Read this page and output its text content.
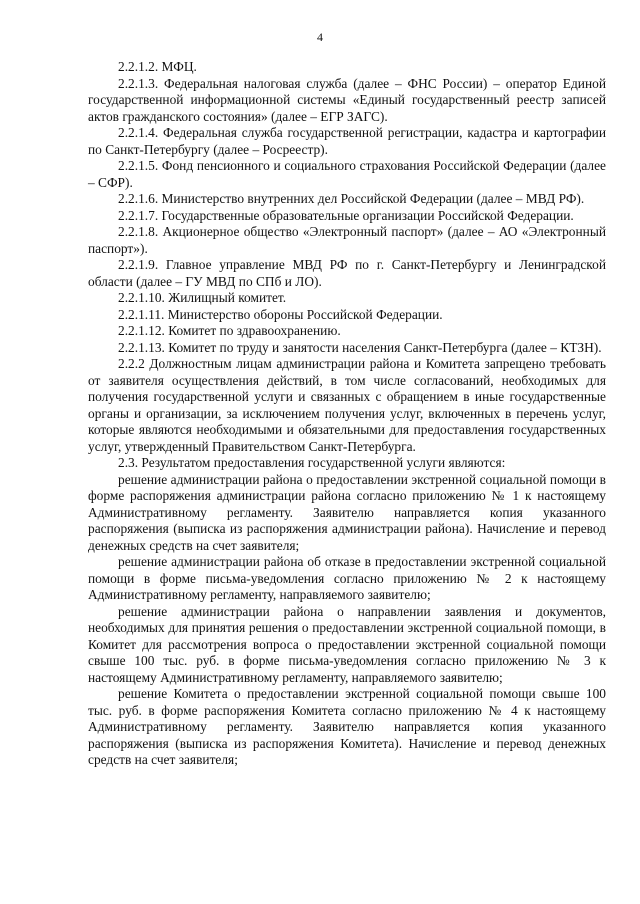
4

2.2.1.2. МФЦ.

2.2.1.3. Федеральная налоговая служба (далее – ФНС России) – оператор Единой государственной информационной системы «Единый государственный реестр записей актов гражданского состояния» (далее – ЕГР ЗАГС).

2.2.1.4. Федеральная служба государственной регистрации, кадастра и картографии по Санкт-Петербургу (далее – Росреестр).

2.2.1.5. Фонд пенсионного и социального страхования Российской Федерации (далее – СФР).

2.2.1.6. Министерство внутренних дел Российской Федерации (далее – МВД РФ).

2.2.1.7. Государственные образовательные организации Российской Федерации.

2.2.1.8. Акционерное общество «Электронный паспорт» (далее – АО «Электронный паспорт»).

2.2.1.9. Главное управление МВД РФ по г. Санкт-Петербургу и Ленинградской области (далее – ГУ МВД по СПб и ЛО).

2.2.1.10. Жилищный комитет.

2.2.1.11. Министерство обороны Российской Федерации.

2.2.1.12. Комитет по здравоохранению.

2.2.1.13. Комитет по труду и занятости населения Санкт-Петербурга (далее – КТЗН).

2.2.2 Должностным лицам администрации района и Комитета запрещено требовать от заявителя осуществления действий, в том числе согласований, необходимых для получения государственной услуги и связанных с обращением в иные государственные органы и организации, за исключением получения услуг, включенных в перечень услуг, которые являются необходимыми и обязательными для предоставления государственных услуг, утвержденный Правительством Санкт-Петербурга.

2.3. Результатом предоставления государственной услуги являются:

решение администрации района о предоставлении экстренной социальной помощи в форме распоряжения администрации района согласно приложению № 1 к настоящему Административному регламенту. Заявителю направляется копия указанного распоряжения (выписка из распоряжения администрации района). Начисление и перевод денежных средств на счет заявителя;

решение администрации района об отказе в предоставлении экстренной социальной помощи в форме письма-уведомления согласно приложению № 2 к настоящему Административному регламенту, направляемого заявителю;

решение администрации района о направлении заявления и документов, необходимых для принятия решения о предоставлении экстренной социальной помощи, в Комитет для рассмотрения вопроса о предоставлении экстренной социальной помощи свыше 100 тыс. руб. в форме письма-уведомления согласно приложению № 3 к настоящему Административному регламенту, направляемого заявителю;

решение Комитета о предоставлении экстренной социальной помощи свыше 100 тыс. руб. в форме распоряжения Комитета согласно приложению № 4 к настоящему Административному регламенту. Заявителю направляется копия указанного распоряжения (выписка из распоряжения Комитета). Начисление и перевод денежных средств на счет заявителя;
